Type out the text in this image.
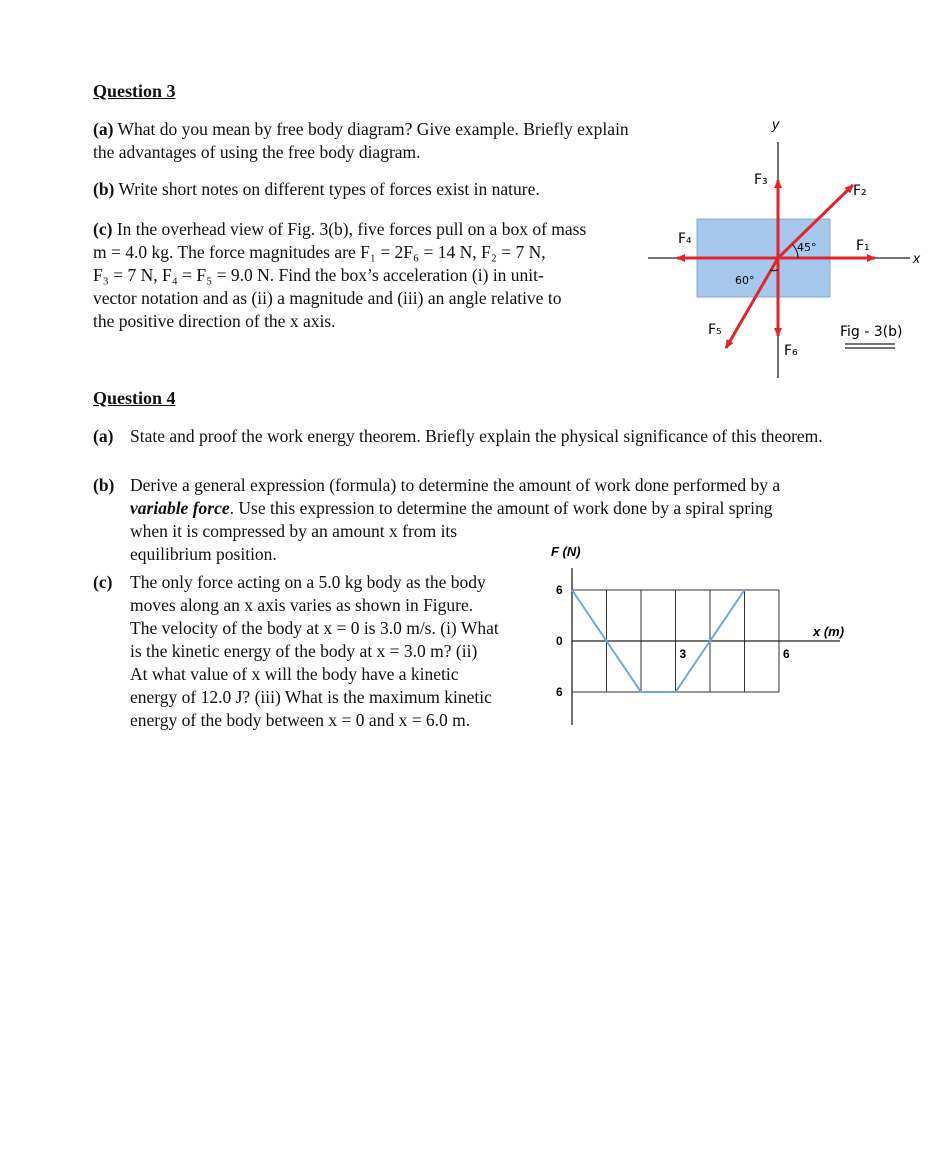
Question 3
(a) What do you mean by free body diagram? Give example. Briefly explain the advantages of using the free body diagram.
(b) Write short notes on different types of forces exist in nature.
(c) In the overhead view of Fig. 3(b), five forces pull on a box of mass
m = 4.0 kg. The force magnitudes are F₁ = 2F₆ = 14 N, F₂ = 7 N,
F₃ = 7 N, F₄ = F₅ = 9.0 N. Find the box’s acceleration (i) in unit-
vector notation and as (ii) a magnitude and (iii) an angle relative to
the positive direction of the x axis.
y
x
F₃
F₂
F₄	F₁
45°
60°
F₅
F₆
Fig - 3(b)
Question 4
(a) State and proof the work energy theorem. Briefly explain the physical significance of this theorem.
(b) Derive a general expression (formula) to determine the amount of work done performed by a
variable force. Use this expression to determine the amount of work done by a spiral spring
when it is compressed by an amount x from its
equilibrium position.
(c)	The only force acting on a 5.0 kg body as the body
moves along an x axis varies as shown in Figure.
The velocity of the body at x = 0 is 3.0 m/s. (i) What
is the kinetic energy of the body at x = 3.0 m? (ii)
At what value of x will the body have a kinetic
energy of 12.0 J? (iii) What is the maximum kinetic
energy of the body between x = 0 and x = 6.0 m.
F (N)
x (m)
6
0
6
3	6
